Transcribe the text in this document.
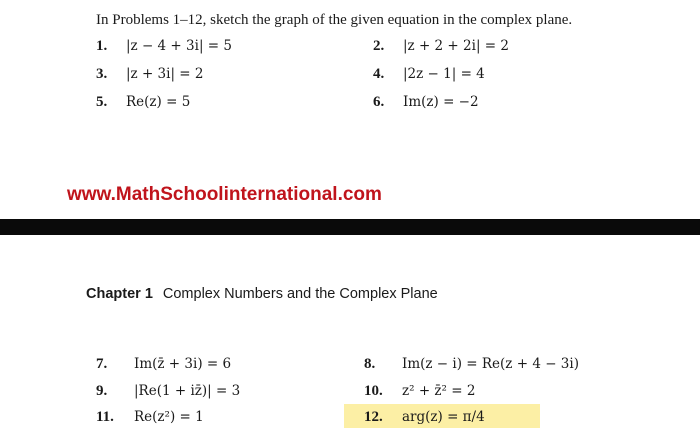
In Problems 1–12, sketch the graph of the given equation in the complex plane.
1. |z − 4 + 3i| = 5	2. |z + 2 + 2i| = 2
3. |z + 3i| = 2	4. |2z − 1| = 4
5. Re(z) = 5	6. Im(z) = −2
www.MathSchoolinternational.com
Chapter 1 Complex Numbers and the Complex Plane
7. Im(z̄ + 3i) = 6	8. Im(z − i) = Re(z + 4 − 3i)
9. |Re(1 + iz̄)| = 3	10. z² + z̄² = 2
11. Re(z²) = 1	12. arg(z) = π/4
